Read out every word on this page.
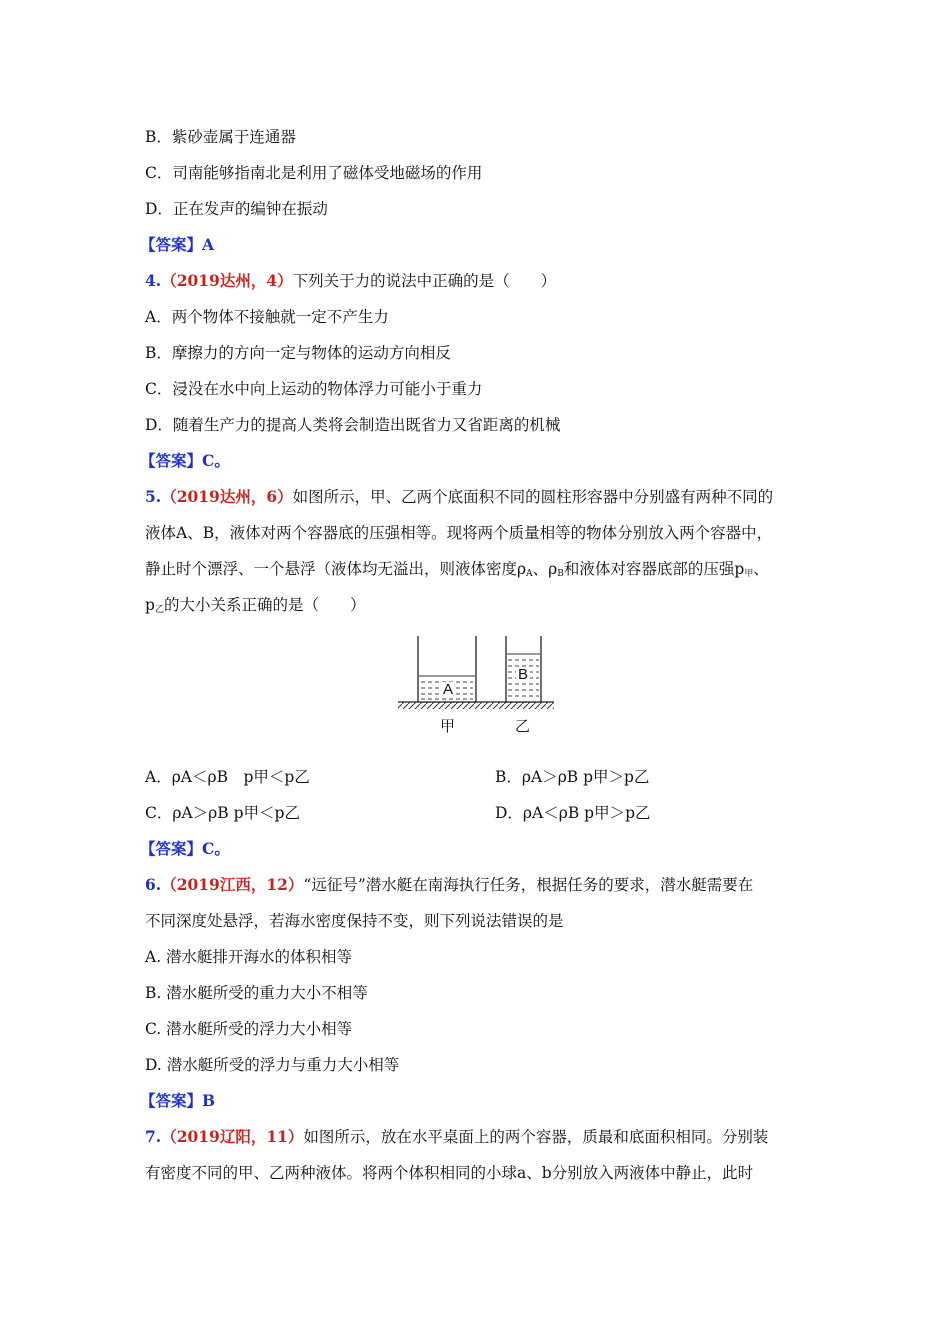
B．紫砂壶属于连通器
C．司南能够指南北是利用了磁体受地磁场的作用
D．正在发声的编钟在振动
【答案】A
4.（2019达州，4）下列关于力的说法中正确的是（　　）
A．两个物体不接触就一定不产生力
B．摩擦力的方向一定与物体的运动方向相反
C．浸没在水中向上运动的物体浮力可能小于重力
D．随着生产力的提高人类将会制造出既省力又省距离的机械
【答案】C。
5.（2019达州，6）如图所示，甲、乙两个底面积不同的圆柱形容器中分别盛有两种不同的
液体A、B，液体对两个容器底的压强相等。现将两个质量相等的物体分别放入两个容器中，
静止时个漂浮、一个悬浮（液体均无溢出，则液体密度$\rho_A$、$\rho_B$和液体对容器底部的压强$p_甲$、
$p_乙$的大小关系正确的是（　　）
A
B
甲	乙
A．ρA＜ρB　p甲＜p乙	B．ρA＞ρB p甲＞p乙
C．ρA＞ρB p甲＜p乙	D．ρA＜ρB p甲＞p乙
【答案】C。
6.（2019江西，12）“远征号”潜水艇在南海执行任务，根据任务的要求，潜水艇需要在
不同深度处悬浮，若海水密度保持不变，则下列说法错误的是
A. 潜水艇排开海水的体积相等
B. 潜水艇所受的重力大小不相等
C. 潜水艇所受的浮力大小相等
D. 潜水艇所受的浮力与重力大小相等
【答案】B
7.（2019辽阳，11）如图所示，放在水平桌面上的两个容器，质最和底面积相同。分别装
有密度不同的甲、乙两种液体。将两个体积相同的小球a、b分别放入两液体中静止，此时
